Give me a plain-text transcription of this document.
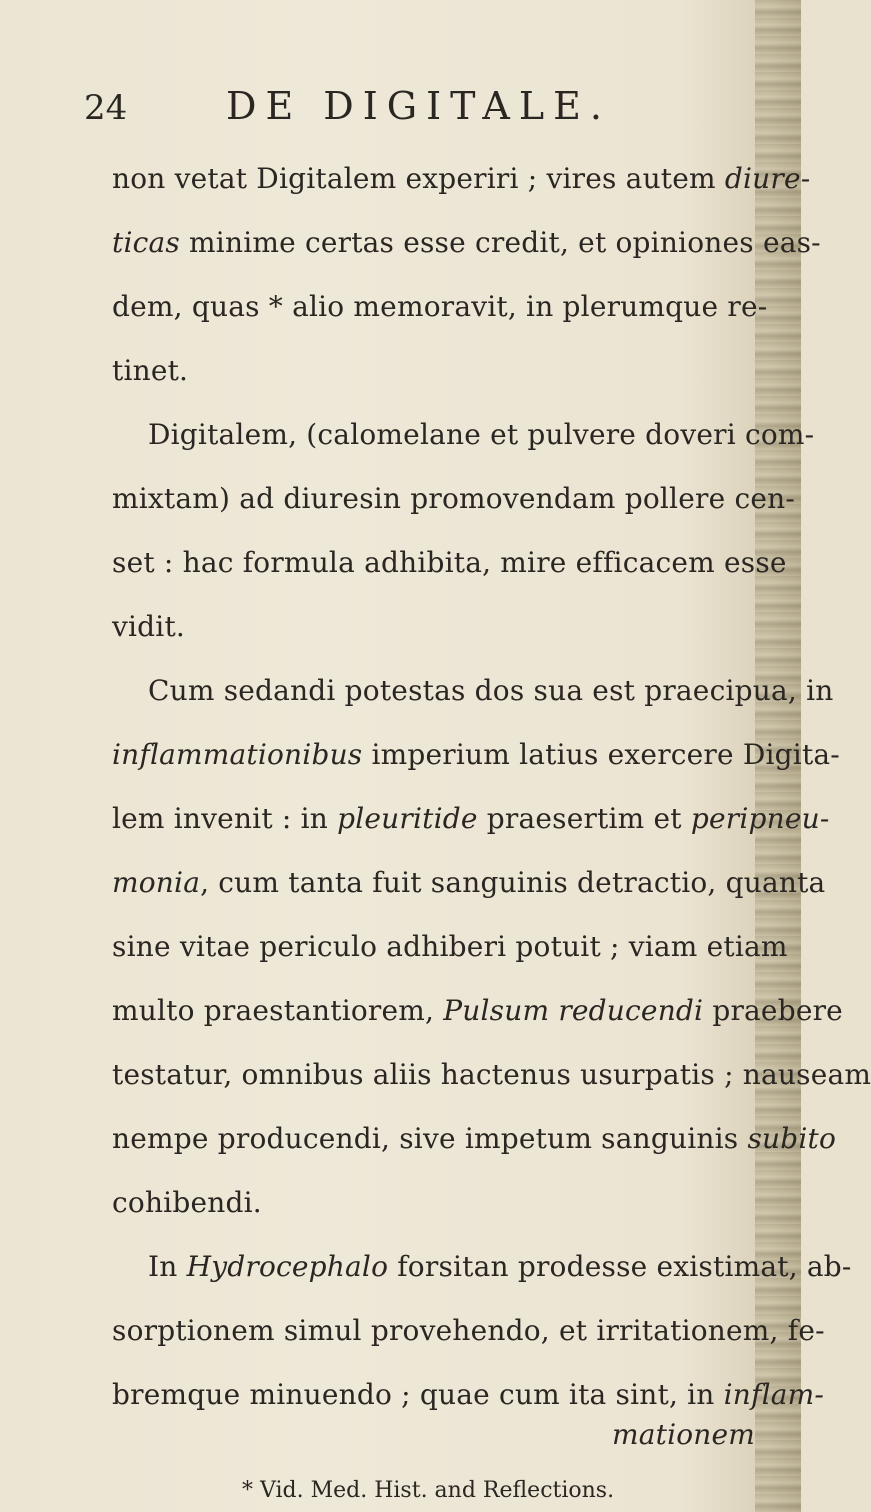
24	DE DIGITALE.
non vetat Digitalem experiri ; vires autem diure-
ticas minime certas esse credit, et opiniones eas-
dem, quas * alio memoravit, in plerumque re-
tinet.
Digitalem, (calomelane et pulvere doveri com-
mixtam) ad diuresin promovendam pollere cen-
set : hac formula adhibita, mire efficacem esse
vidit.
Cum sedandi potestas dos sua est praecipua, in
inflammationibus imperium latius exercere Digita-
lem invenit : in pleuritide praesertim et peripneu-
monia, cum tanta fuit sanguinis detractio, quanta
sine vitae periculo adhiberi potuit ; viam etiam
multo praestantiorem, Pulsum reducendi praebere
testatur, omnibus aliis hactenus usurpatis ; nauseam
nempe producendi, sive impetum sanguinis subito
cohibendi.
In Hydrocephalo forsitan prodesse existimat, ab-
sorptionem simul provehendo, et irritationem, fe-
bremque minuendo ; quae cum ita sint, in inflam-
mationem
* Vid. Med. Hist. and Reflections.
